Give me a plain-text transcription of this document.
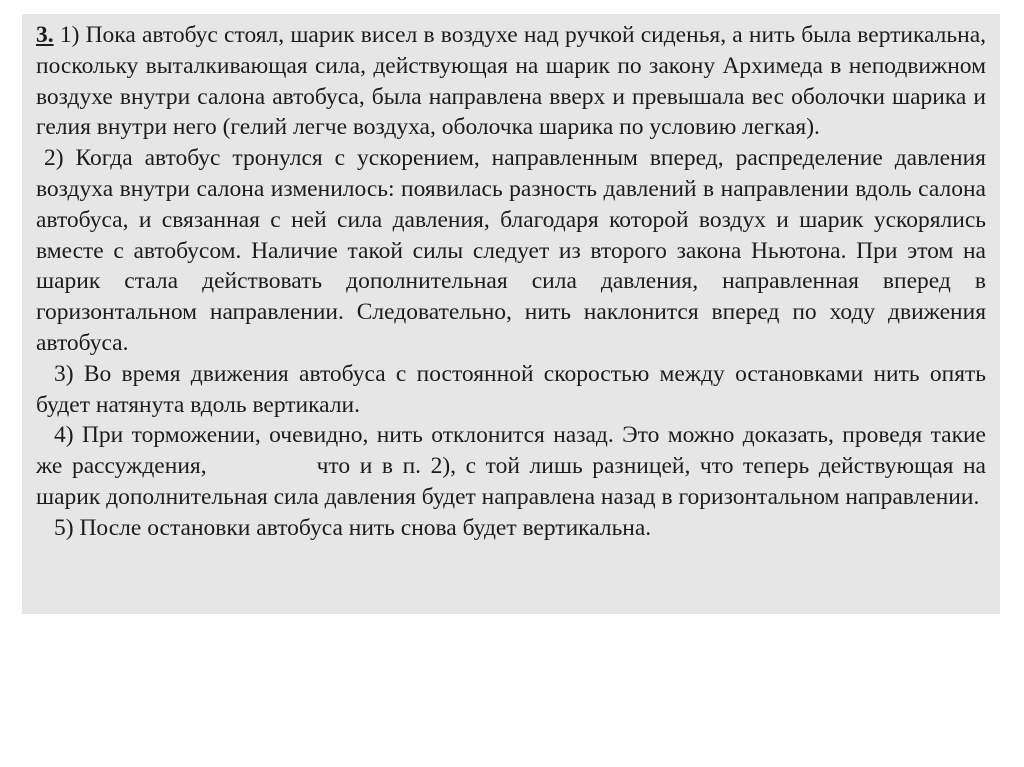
3. 1) Пока автобус стоял, шарик висел в воздухе над ручкой сиденья, а нить была вертикальна, поскольку выталкивающая сила, действующая на шарик по закону Архимеда в неподвижном воздухе внутри салона автобуса, была направлена вверх и превышала вес оболочки шарика и гелия внутри него (гелий легче воздуха, оболочка шарика по условию легкая).

2) Когда автобус тронулся с ускорением, направленным вперед, распределение давления воздуха внутри салона изменилось: появилась разность давлений в направлении вдоль салона автобуса, и связанная с ней сила давления, благодаря которой воздух и шарик ускорялись вместе с автобусом. Наличие такой силы следует из второго закона Ньютона. При этом на шарик стала действовать дополнительная сила давления, направленная вперед в горизонтальном направлении. Следовательно, нить наклонится вперед по ходу движения автобуса.

3) Во время движения автобуса с постоянной скоростью между остановками нить опять будет натянута вдоль вертикали.

4) При торможении, очевидно, нить отклонится назад. Это можно доказать, проведя такие же рассуждения,	что и в п. 2), с той лишь разницей, что теперь действующая на шарик дополнительная сила давления будет направлена назад в горизонтальном направлении.

5) После остановки автобуса нить снова будет вертикальна.
